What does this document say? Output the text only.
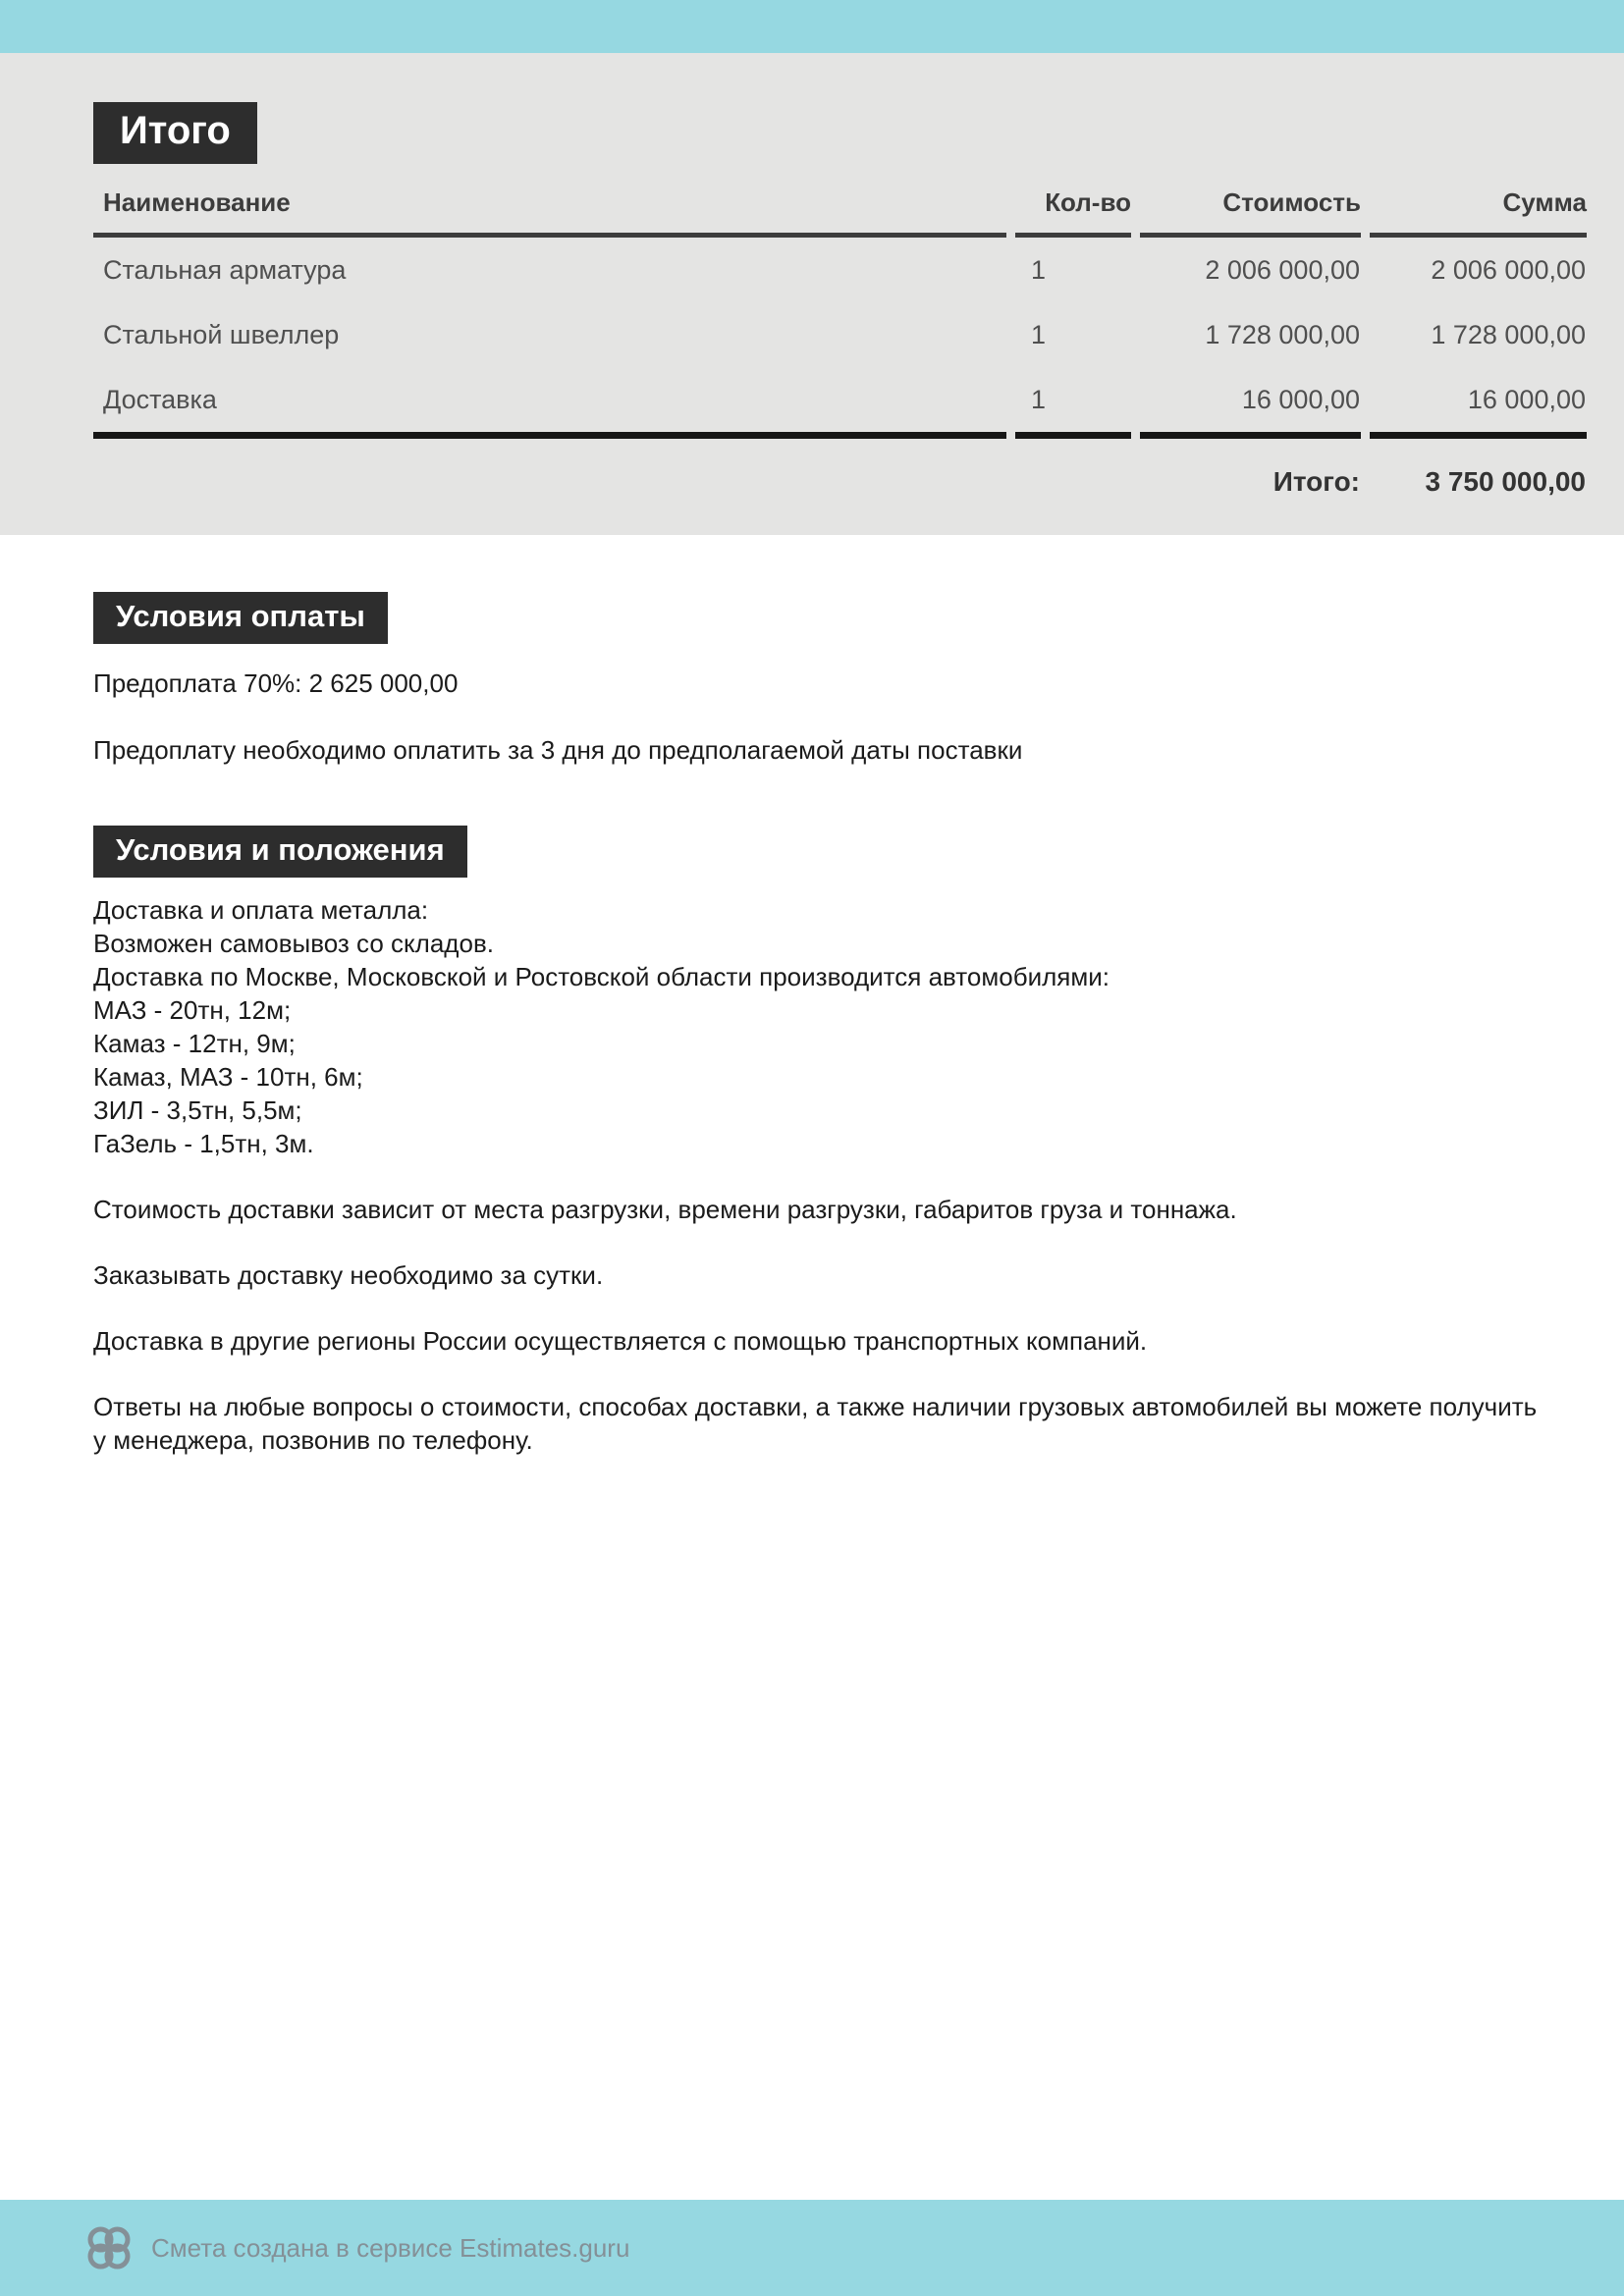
Итого
Наименование	Кол-во	Стоимость	Сумма
Стальная арматура	1	2 006 000,00	2 006 000,00
Стальной швеллер	1	1 728 000,00	1 728 000,00
Доставка	1	16 000,00	16 000,00
		Итого:	3 750 000,00
Условия оплаты
Предоплата 70%: 2 625 000,00
Предоплату необходимо оплатить за 3 дня до предполагаемой даты поставки
Условия и положения
Доставка и оплата металла:
Возможен самовывоз со складов.
Доставка по Москве, Московской и Ростовской области производится автомобилями:
МАЗ - 20тн, 12м;
Камаз - 12тн, 9м;
Камаз, МАЗ - 10тн, 6м;
ЗИЛ - 3,5тн, 5,5м;
ГаЗель - 1,5тн, 3м.

Стоимость доставки зависит от места разгрузки, времени разгрузки, габаритов груза и тоннажа.

Заказывать доставку необходимо за сутки.

Доставка в другие регионы России осуществляется с помощью транспортных компаний.

Ответы на любые вопросы о стоимости, способах доставки, а также наличии грузовых автомобилей вы можете получить у менеджера, позвонив по телефону.

Смета создана в сервисе Estimates.guru
